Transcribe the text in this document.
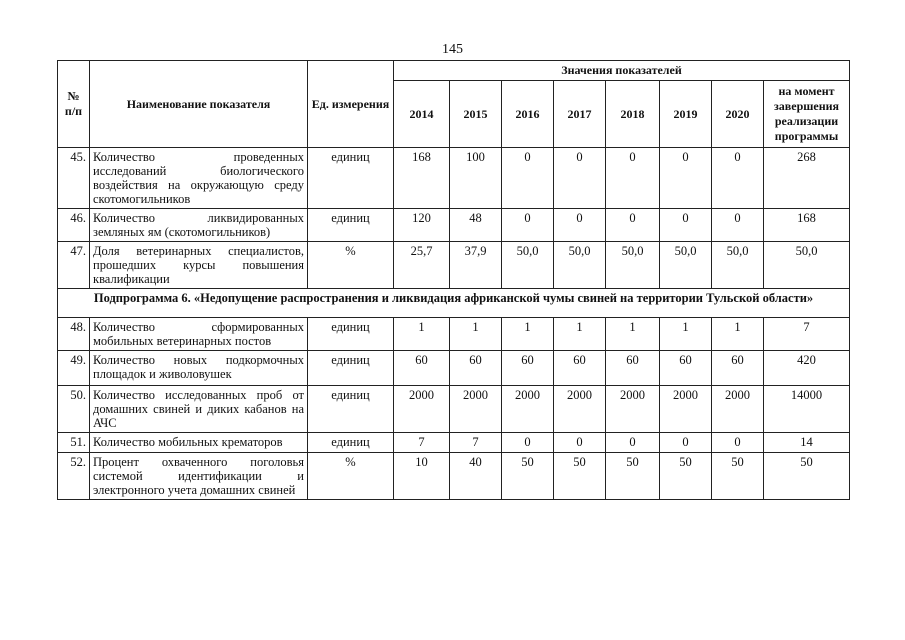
145
№ п/п	Наименование показателя	Ед. измерения	Значения показателей							
			2014	2015	2016	2017	2018	2019	2020	на момент завершения реализации программы
45.	Количество проведенных исследований биологического воздействия на окружающую среду скотомогильников	единиц	168	100	0	0	0	0	0	268
46.	Количество ликвидированных земляных ям (скотомогильников)	единиц	120	48	0	0	0	0	0	168
47.	Доля ветеринарных специалистов, прошедших курсы повышения квалификации	%	25,7	37,9	50,0	50,0	50,0	50,0	50,0	50,0
Подпрограмма 6. «Недопущение распространения и ликвидация африканской чумы свиней на территории Тульской области»										
48.	Количество сформированных мобильных ветеринарных постов	единиц	1	1	1	1	1	1	1	7
49.	Количество новых подкормочных площадок и живоловушек	единиц	60	60	60	60	60	60	60	420
50.	Количество исследованных проб от домашних свиней и диких кабанов на АЧС	единиц	2000	2000	2000	2000	2000	2000	2000	14000
51.	Количество мобильных крематоров	единиц	7	7	0	0	0	0	0	14
52.	Процент охваченного поголовья системой идентификации и электронного учета домашних свиней	%	10	40	50	50	50	50	50	50
